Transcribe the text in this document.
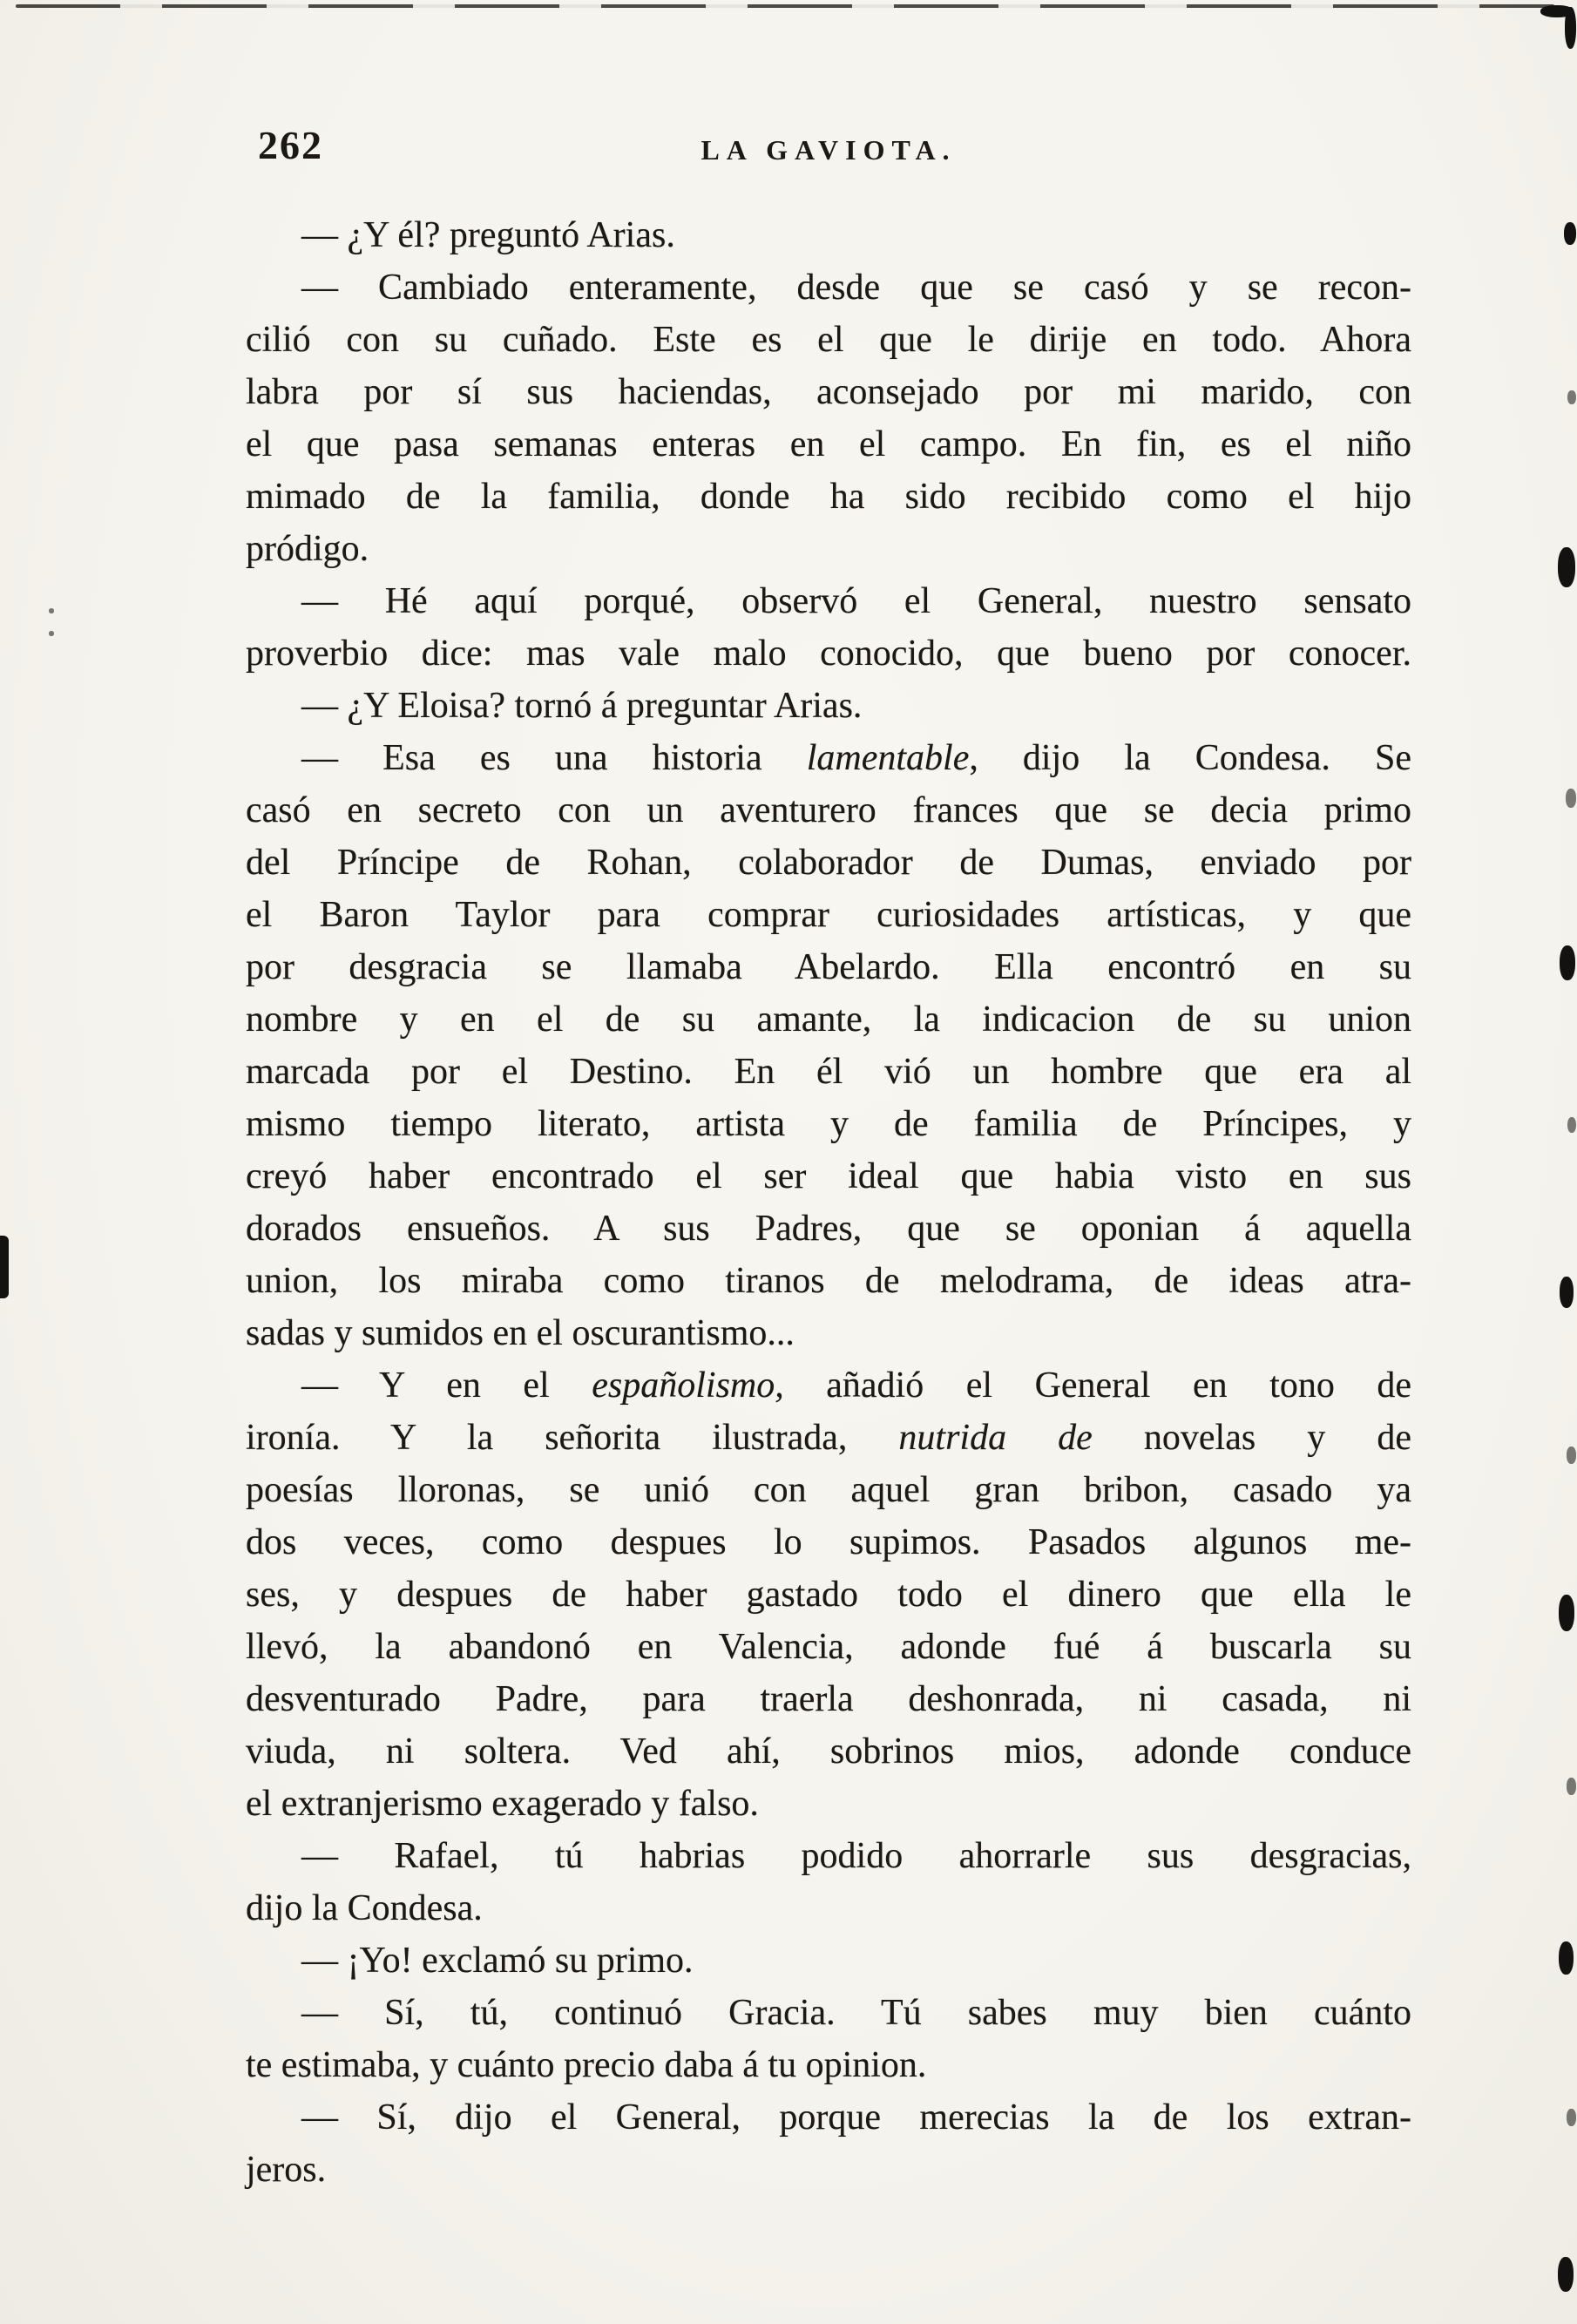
262	LA GAVIOTA.
— ¿Y él? preguntó Arias.
— Cambiado enteramente, desde que se casó y se recon-
cilió con su cuñado. Este es el que le dirije en todo. Ahora
labra por sí sus haciendas, aconsejado por mi marido, con
el que pasa semanas enteras en el campo. En fin, es el niño
mimado de la familia, donde ha sido recibido como el hijo
pródigo.
— Hé aquí porqué, observó el General, nuestro sensato
proverbio dice: mas vale malo conocido, que bueno por conocer.
— ¿Y Eloisa? tornó á preguntar Arias.
— Esa es una historia lamentable, dijo la Condesa. Se
casó en secreto con un aventurero frances que se decia primo
del Príncipe de Rohan, colaborador de Dumas, enviado por
el Baron Taylor para comprar curiosidades artísticas, y que
por desgracia se llamaba Abelardo. Ella encontró en su
nombre y en el de su amante, la indicacion de su union
marcada por el Destino. En él vió un hombre que era al
mismo tiempo literato, artista y de familia de Príncipes, y
creyó haber encontrado el ser ideal que habia visto en sus
dorados ensueños. A sus Padres, que se oponian á aquella
union, los miraba como tiranos de melodrama, de ideas atra-
sadas y sumidos en el oscurantismo...
— Y en el españolismo, añadió el General en tono de
ironía. Y la señorita ilustrada, nutrida de novelas y de
poesías lloronas, se unió con aquel gran bribon, casado ya
dos veces, como despues lo supimos. Pasados algunos me-
ses, y despues de haber gastado todo el dinero que ella le
llevó, la abandonó en Valencia, adonde fué á buscarla su
desventurado Padre, para traerla deshonrada, ni casada, ni
viuda, ni soltera. Ved ahí, sobrinos mios, adonde conduce
el extranjerismo exagerado y falso.
— Rafael, tú habrias podido ahorrarle sus desgracias,
dijo la Condesa.
— ¡Yo! exclamó su primo.
— Sí, tú, continuó Gracia. Tú sabes muy bien cuánto
te estimaba, y cuánto precio daba á tu opinion.
— Sí, dijo el General, porque merecias la de los extran-
jeros.
